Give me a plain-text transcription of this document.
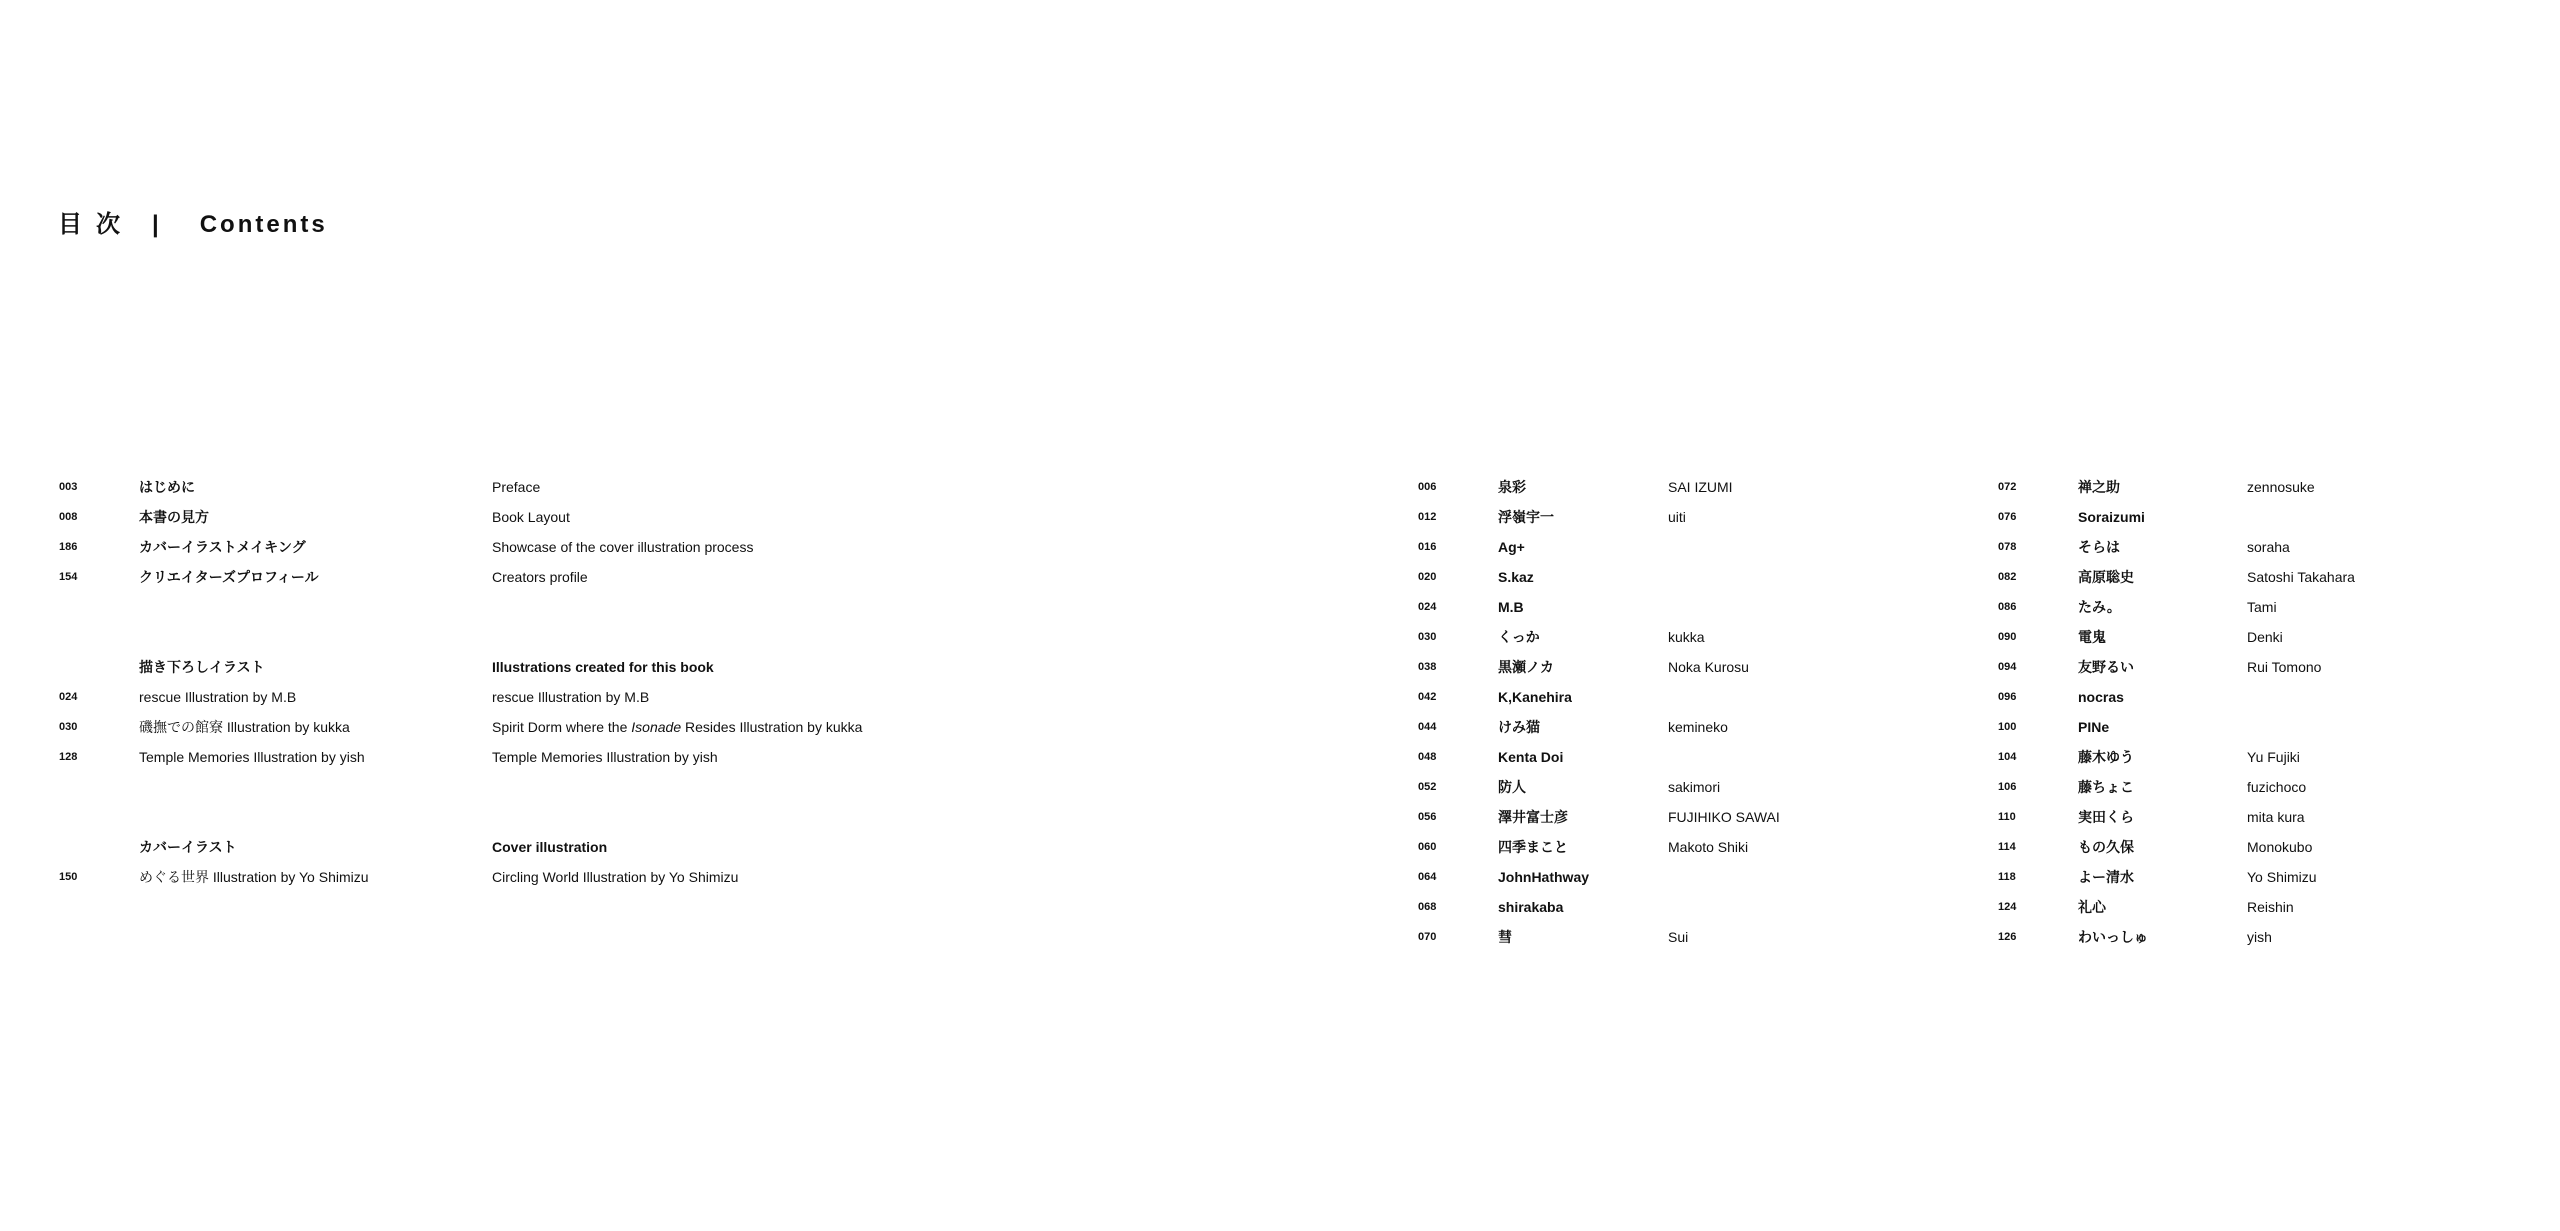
目次 | Contents
003	はじめに	Preface
008	本書の見方	Book Layout
186	カバーイラストメイキング	Showcase of the cover illustration process
154	クリエイターズプロフィール	Creators profile
描き下ろしイラスト	Illustrations created for this book
024	rescue Illustration by M.B	rescue Illustration by M.B
030	磯撫での館寮 Illustration by kukka	Spirit Dorm where the Isonade Resides Illustration by kukka
128	Temple Memories Illustration by yish	Temple Memories Illustration by yish
カバーイラスト	Cover illustration
150	めぐる世界 Illustration by Yo Shimizu	Circling World Illustration by Yo Shimizu
006	泉彩	SAI IZUMI
012	浮嶺宇一	uiti
016	Ag+
020	S.kaz
024	M.B
030	くっか	kukka
038	黒瀬ノカ	Noka Kurosu
042	K,Kanehira
044	けみ猫	kemineko
048	Kenta Doi
052	防人	sakimori
056	澤井富士彦	FUJIHIKO SAWAI
060	四季まこと	Makoto Shiki
064	JohnHathway
068	shirakaba
070	彗	Sui
072	禅之助	zennosuke
076	Soraizumi
078	そらは	soraha
082	高原聡史	Satoshi Takahara
086	たみ。	Tami
090	電鬼	Denki
094	友野るい	Rui Tomono
096	nocras
100	PINe
104	藤木ゆう	Yu Fujiki
106	藤ちょこ	fuzichoco
110	実田くら	mita kura
114	もの久保	Monokubo
118	よー清水	Yo Shimizu
124	礼心	Reishin
126	わいっしゅ	yish
